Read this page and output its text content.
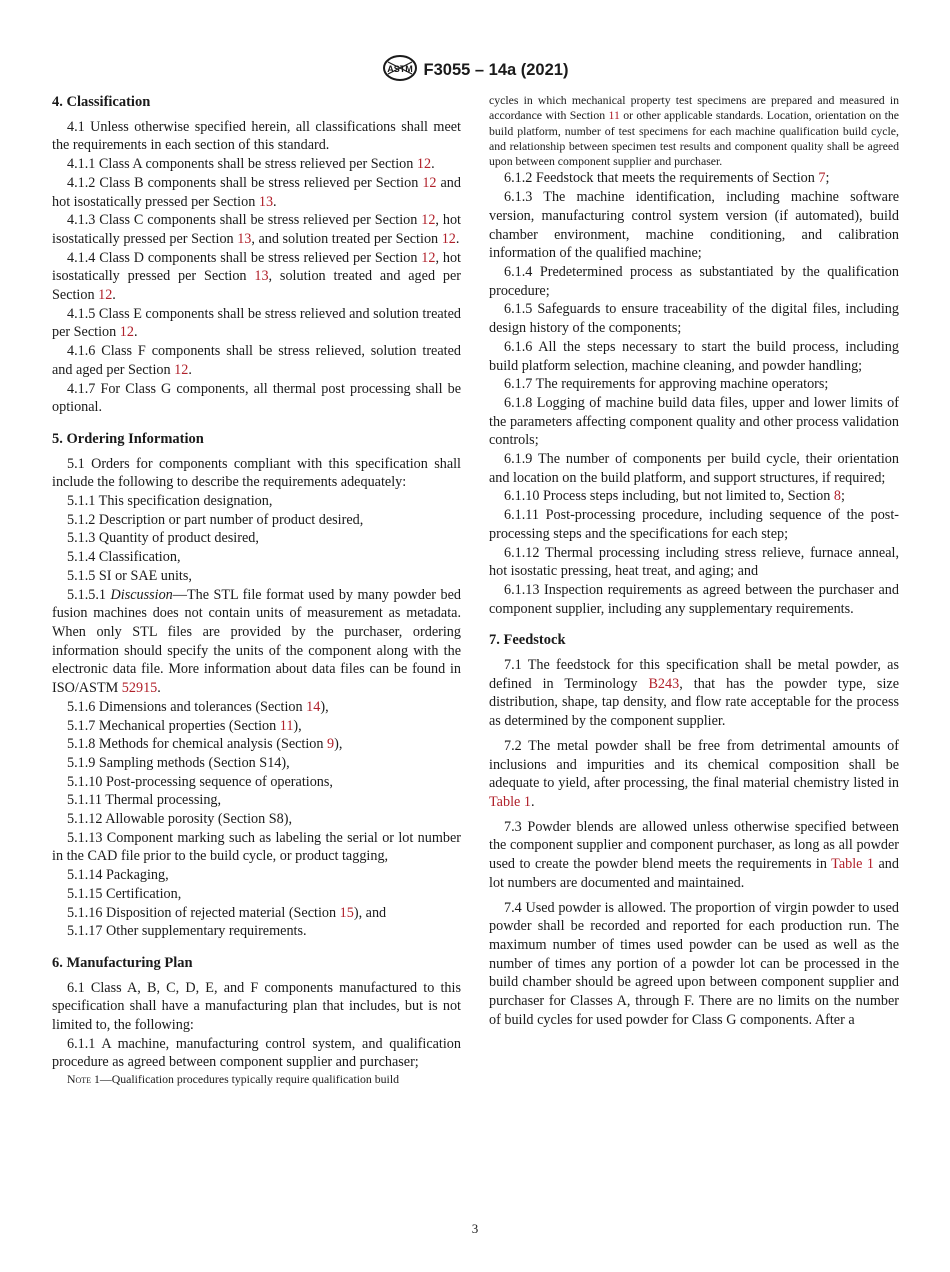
ASTM F3055 – 14a (2021)
4. Classification

4.1 Unless otherwise specified herein, all classifications shall meet the requirements in each section of this standard.

4.1.1 Class A components shall be stress relieved per Section 12.

4.1.2 Class B components shall be stress relieved per Section 12 and hot isostatically pressed per Section 13.

4.1.3 Class C components shall be stress relieved per Section 12, hot isostatically pressed per Section 13, and solution treated per Section 12.

4.1.4 Class D components shall be stress relieved per Section 12, hot isostatically pressed per Section 13, solution treated and aged per Section 12.

4.1.5 Class E components shall be stress relieved and solution treated per Section 12.

4.1.6 Class F components shall be stress relieved, solution treated and aged per Section 12.

4.1.7 For Class G components, all thermal post processing shall be optional.

5. Ordering Information

5.1 Orders for components compliant with this specification shall include the following to describe the requirements adequately:

5.1.1 This specification designation,

5.1.2 Description or part number of product desired,

5.1.3 Quantity of product desired,

5.1.4 Classification,

5.1.5 SI or SAE units,

5.1.5.1 Discussion—The STL file format used by many powder bed fusion machines does not contain units of measurement as metadata. When only STL files are provided by the purchaser, ordering information should specify the units of the component along with the electronic data file. More information about data files can be found in ISO/ASTM 52915.

5.1.6 Dimensions and tolerances (Section 14),

5.1.7 Mechanical properties (Section 11),

5.1.8 Methods for chemical analysis (Section 9),

5.1.9 Sampling methods (Section S14),

5.1.10 Post-processing sequence of operations,

5.1.11 Thermal processing,

5.1.12 Allowable porosity (Section S8),

5.1.13 Component marking such as labeling the serial or lot number in the CAD file prior to the build cycle, or product tagging,

5.1.14 Packaging,

5.1.15 Certification,

5.1.16 Disposition of rejected material (Section 15), and

5.1.17 Other supplementary requirements.

6. Manufacturing Plan

6.1 Class A, B, C, D, E, and F components manufactured to this specification shall have a manufacturing plan that includes, but is not limited to, the following:

6.1.1 A machine, manufacturing control system, and qualification procedure as agreed between component supplier and purchaser;

Note 1—Qualification procedures typically require qualification build

cycles in which mechanical property test specimens are prepared and measured in accordance with Section 11 or other applicable standards. Location, orientation on the build platform, number of test specimens for each machine qualification build cycle, and relationship between specimen test results and component quality shall be agreed upon between component supplier and purchaser.

6.1.2 Feedstock that meets the requirements of Section 7;

6.1.3 The machine identification, including machine software version, manufacturing control system version (if automated), build chamber environment, machine conditioning, and calibration information of the qualified machine;

6.1.4 Predetermined process as substantiated by the qualification procedure;

6.1.5 Safeguards to ensure traceability of the digital files, including design history of the components;

6.1.6 All the steps necessary to start the build process, including build platform selection, machine cleaning, and powder handling;

6.1.7 The requirements for approving machine operators;

6.1.8 Logging of machine build data files, upper and lower limits of the parameters affecting component quality and other process validation controls;

6.1.9 The number of components per build cycle, their orientation and location on the build platform, and support structures, if required;

6.1.10 Process steps including, but not limited to, Section 8;

6.1.11 Post-processing procedure, including sequence of the post-processing steps and the specifications for each step;

6.1.12 Thermal processing including stress relieve, furnace anneal, hot isostatic pressing, heat treat, and aging; and

6.1.13 Inspection requirements as agreed between the purchaser and component supplier, including any supplementary requirements.

7. Feedstock

7.1 The feedstock for this specification shall be metal powder, as defined in Terminology B243, that has the powder type, size distribution, shape, tap density, and flow rate acceptable for the process as determined by the component supplier.

7.2 The metal powder shall be free from detrimental amounts of inclusions and impurities and its chemical composition shall be adequate to yield, after processing, the final material chemistry listed in Table 1.

7.3 Powder blends are allowed unless otherwise specified between the component supplier and component purchaser, as long as all powder used to create the powder blend meets the requirements in Table 1 and lot numbers are documented and maintained.

7.4 Used powder is allowed. The proportion of virgin powder to used powder shall be recorded and reported for each production run. The maximum number of times used powder can be used as well as the number of times any portion of a powder lot can be processed in the build chamber should be agreed upon between component supplier and purchaser for Classes A, through F. There are no limits on the number of build cycles for used powder for Class G components. After a

3
